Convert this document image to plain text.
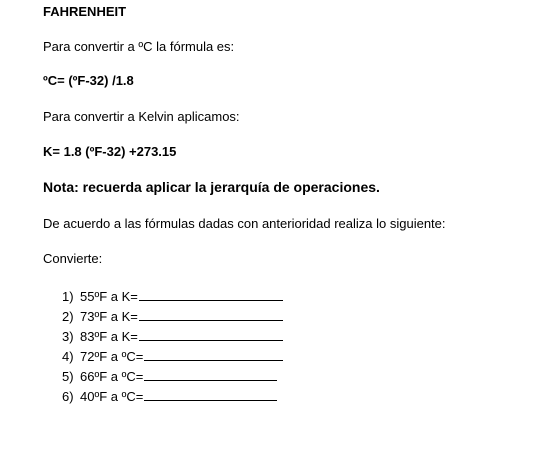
FAHRENHEIT
Para convertir a ºC la fórmula es:
ºC= (ºF-32) /1.8
Para convertir a Kelvin aplicamos:
K= 1.8 (ºF-32) +273.15
Nota: recuerda aplicar la jerarquía de operaciones.
De acuerdo a las fórmulas dadas con anterioridad realiza lo siguiente:
Convierte:
1) 55ºF a K=
2) 73ºF a K=
3) 83ºF a K=
4) 72ºF a ºC=
5) 66ºF a ºC=
6) 40ºF a ºC=
